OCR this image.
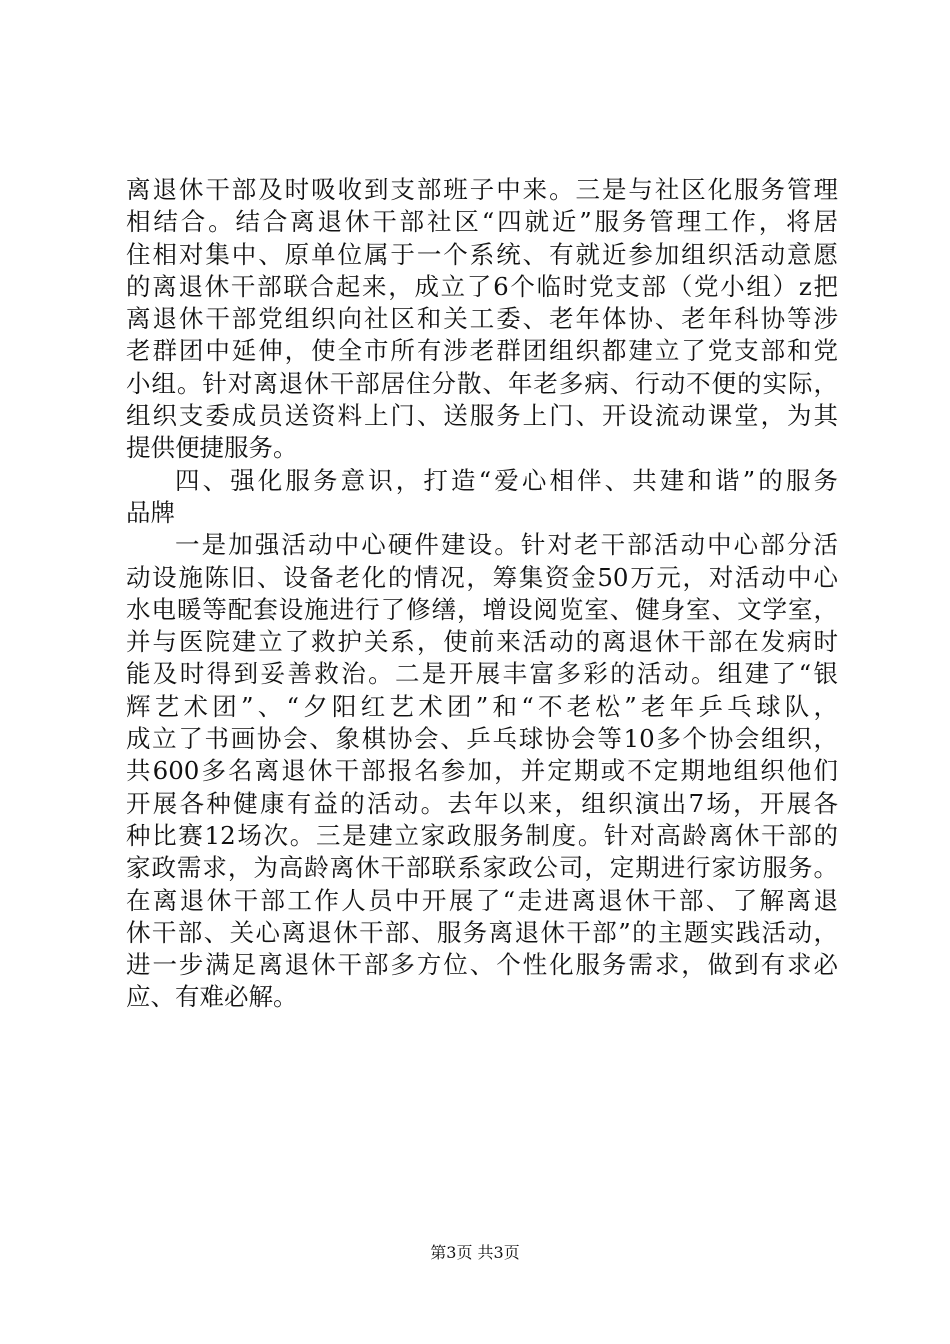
离退休干部及时吸收到支部班子中来。三是与社区化服务管理
相结合。结合离退休干部社区“四就近”服务管理工作，将居
住相对集中、原单位属于一个系统、有就近参加组织活动意愿
的离退休干部联合起来，成立了6个临时党支部（党小组）z把
离退休干部党组织向社区和关工委、老年体协、老年科协等涉
老群团中延伸，使全市所有涉老群团组织都建立了党支部和党
小组。针对离退休干部居住分散、年老多病、行动不便的实际，
组织支委成员送资料上门、送服务上门、开设流动课堂，为其
提供便捷服务。
四、强化服务意识，打造“爱心相伴、共建和谐”的服务
品牌
一是加强活动中心硬件建设。针对老干部活动中心部分活
动设施陈旧、设备老化的情况，筹集资金50万元，对活动中心
水电暖等配套设施进行了修缮，增设阅览室、健身室、文学室，
并与医院建立了救护关系，使前来活动的离退休干部在发病时
能及时得到妥善救治。二是开展丰富多彩的活动。组建了“银
辉艺术团”、“夕阳红艺术团”和“不老松”老年乒乓球队，
成立了书画协会、象棋协会、乒乓球协会等10多个协会组织，
共600多名离退休干部报名参加，并定期或不定期地组织他们
开展各种健康有益的活动。去年以来，组织演出7场，开展各
种比赛12场次。三是建立家政服务制度。针对高龄离休干部的
家政需求，为高龄离休干部联系家政公司，定期进行家访服务。
在离退休干部工作人员中开展了“走进离退休干部、了解离退
休干部、关心离退休干部、服务离退休干部”的主题实践活动，
进一步满足离退休干部多方位、个性化服务需求，做到有求必
应、有难必解。
第3页 共3页
